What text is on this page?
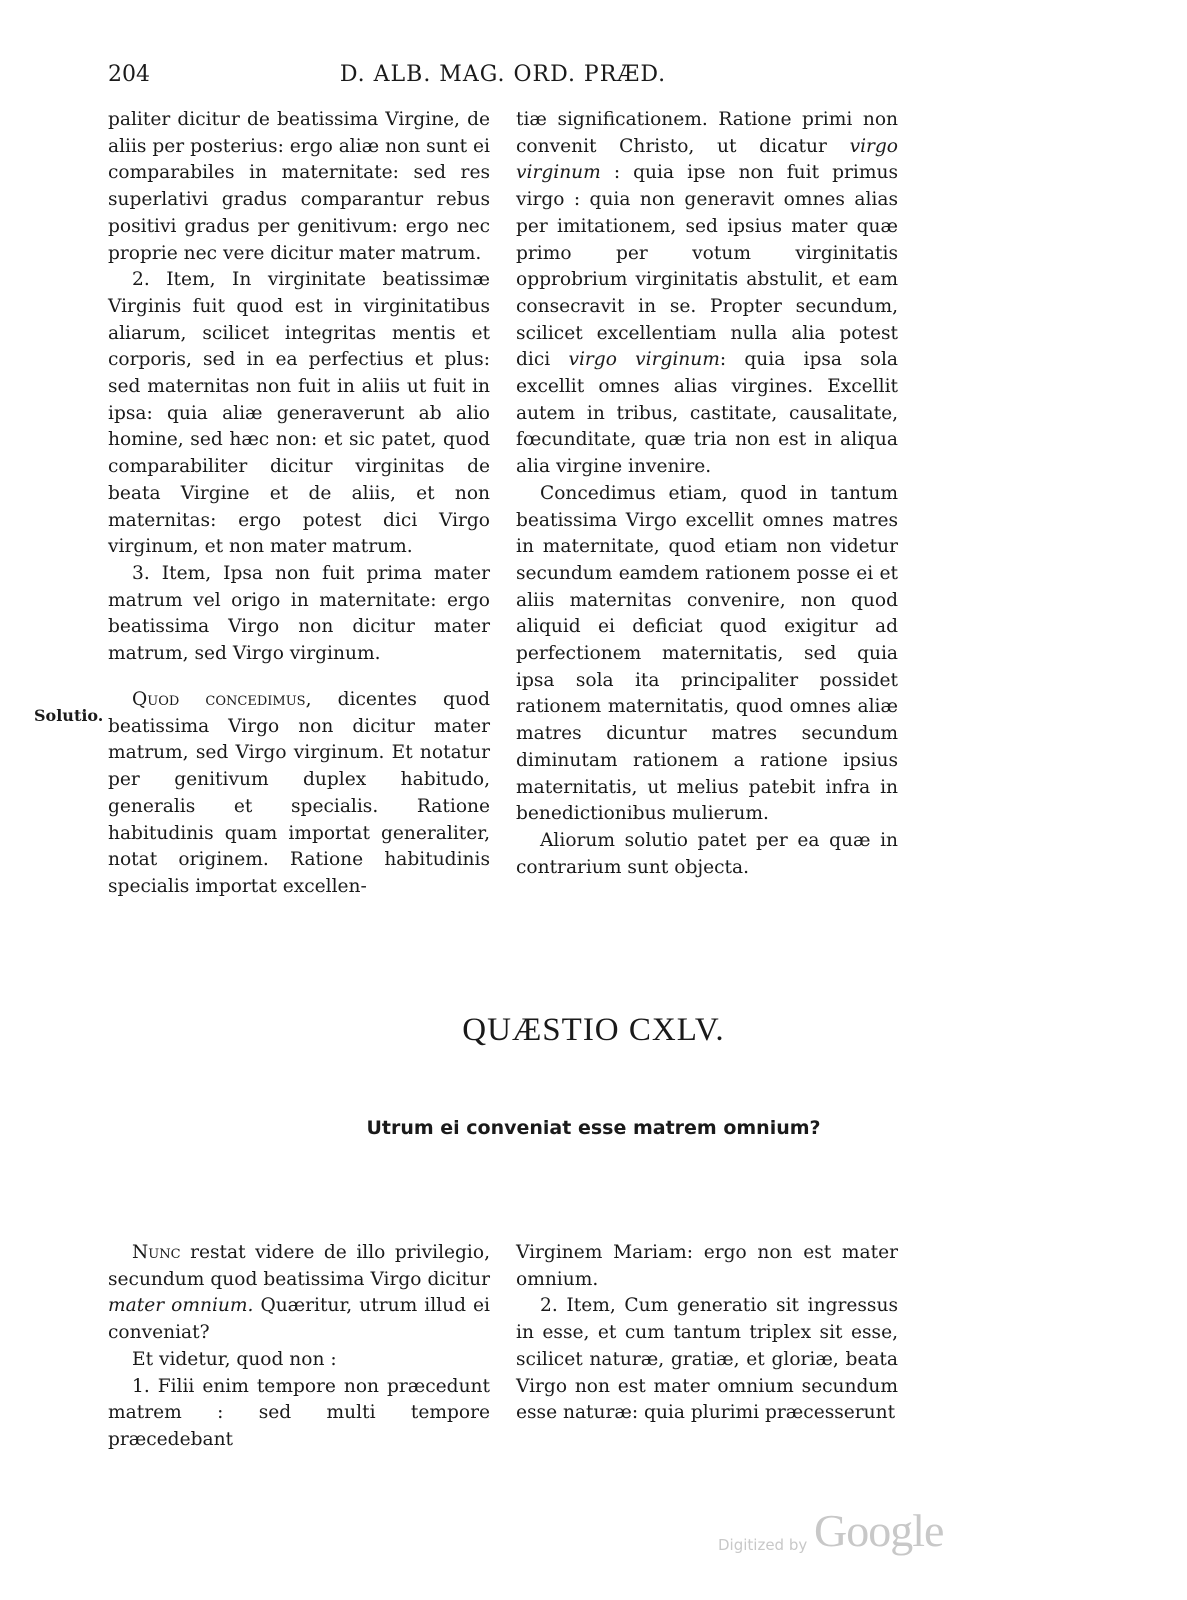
204	D. ALB. MAG. ORD. PRÆD.

paliter dicitur de beatissima Virgine, de aliis per posterius: ergo aliæ non sunt ei comparabiles in maternitate: sed res superlativi gradus comparantur rebus positivi gradus per genitivum: ergo nec proprie nec vere dicitur mater matrum.

2. Item, In virginitate beatissimæ Virginis fuit quod est in virginitatibus aliarum, scilicet integritas mentis et corporis, sed in ea perfectius et plus: sed maternitas non fuit in aliis ut fuit in ipsa: quia aliæ generaverunt ab alio homine, sed hæc non: et sic patet, quod comparabiliter dicitur virginitas de beata Virgine et de aliis, et non maternitas: ergo potest dici Virgo virginum, et non mater matrum.

3. Item, Ipsa non fuit prima mater matrum vel origo in maternitate: ergo beatissima Virgo non dicitur mater matrum, sed Virgo virginum.

Solutio.

Quod concedimus, dicentes quod beatissima Virgo non dicitur mater matrum, sed Virgo virginum. Et notatur per genitivum duplex habitudo, generalis et specialis. Ratione habitudinis quam importat generaliter, notat originem. Ratione habitudinis specialis importat excellen-

tiæ significationem. Ratione primi non convenit Christo, ut dicatur virgo virginum : quia ipse non fuit primus virgo : quia non generavit omnes alias per imitationem, sed ipsius mater quæ primo per votum virginitatis opprobrium virginitatis abstulit, et eam consecravit in se. Propter secundum, scilicet excellentiam nulla alia potest dici virgo virginum: quia ipsa sola excellit omnes alias virgines. Excellit autem in tribus, castitate, causalitate, fœcunditate, quæ tria non est in aliqua alia virgine invenire.

Concedimus etiam, quod in tantum beatissima Virgo excellit omnes matres in maternitate, quod etiam non videtur secundum eamdem rationem posse ei et aliis maternitas convenire, non quod aliquid ei deficiat quod exigitur ad perfectionem maternitatis, sed quia ipsa sola ita principaliter possidet rationem maternitatis, quod omnes aliæ matres dicuntur matres secundum diminutam rationem a ratione ipsius maternitatis, ut melius patebit infra in benedictionibus mulierum.

Aliorum solutio patet per ea quæ in contrarium sunt objecta.

QUÆSTIO CXLV.
Utrum ei conveniat esse matrem omnium?

Nunc restat videre de illo privilegio, secundum quod beatissima Virgo dicitur mater omnium. Quæritur, utrum illud ei conveniat?

Et videtur, quod non :

1. Filii enim tempore non præcedunt matrem : sed multi tempore præcedebant

Virginem Mariam: ergo non est mater omnium.

2. Item, Cum generatio sit ingressus in esse, et cum tantum triplex sit esse, scilicet naturæ, gratiæ, et gloriæ, beata Virgo non est mater omnium secundum esse naturæ: quia plurimi præcesserunt

Digitized by Google
